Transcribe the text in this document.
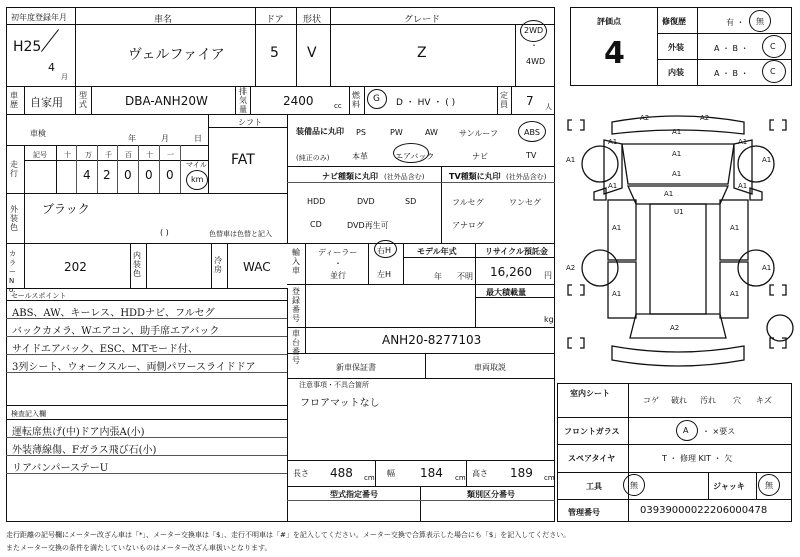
初年度登録年月
H25
4
月
車名
ヴェルファイア
ドア
5
形状
V
グレード
Z
2WD
・
4WD
車歴 自家用
型式	DBA-ANH20W
排気量
2400	cc
燃料
G D ・ HV ・ ( )
定員 7 人
車検
年	月	日
シフト
FAT
走行
記号 十 万 千 百 十 一
4 2 0 0 0
マイル
km
装備品に丸印
(純正のみ)
PS	PW	AW	サンルーフ	ABS
本革	エアバック	ナビ	TV
ナビ種類に丸印 (社外品含む)
HDD	DVD	SD
CD	DVD再生可
TV種類に丸印 (社外品含む)
フルセグ	ワンセグ
アナログ
外装色
ブラック
( )	色替車は色替と記入
カラーNo.
202
内装色
冷房 WAC
輸入車
ディーラー
・
並行
右H
左H
モデル年式
年 不明
リサイクル預託金
16,260 円
最大積載量
kg
登録番号
セールスポイント
ABS、AW、キーレス、HDDナビ、フルセグ
バックカメラ、Wエアコン、助手席エアバック
サイドエアバック、ESC、MTモード付、
3列シート、ウォークスルー、両側パワースライドドア
車台番号
ANH20-8277103
新車保証書	車両取説
注意事項・不具合箇所
フロアマットなし
検査記入欄
運転席焦げ(中)ドア内張A(小)
外装薄線傷、Fガラス飛び石(小)
リアバンパーステーU	長さ 488 cm 幅 184 cm 高さ 189 cm
型式指定番号	類別区分番号
評価点
4
修復歴	有 ・ 無
外装	A ・ B ・	C
内装	A ・ B ・	C
A2	A2
A1
A1	A1
A1
A1	A1
A1
A1	A1
A1
U1
A1	A1
A1	A1
A2	A1
A2
室内シート
コゲ 破れ 汚れ 穴 キズ
フロントガラス	A ・ ×要ス
スペアタイヤ	T ・ 修理 KIT ・ 欠
工具	無	ジャッキ	無
管理番号	03939000022206000478
走行距離の記号欄にメーター改ざん車は「*」、メーター交換車は「$」、走行不明車は「#」を記入してください。メーター交換で合算表示した場合にも「$」を記入してください。
またメーター交換の条件を満たしていないものはメーター改ざん車扱いとなります。
